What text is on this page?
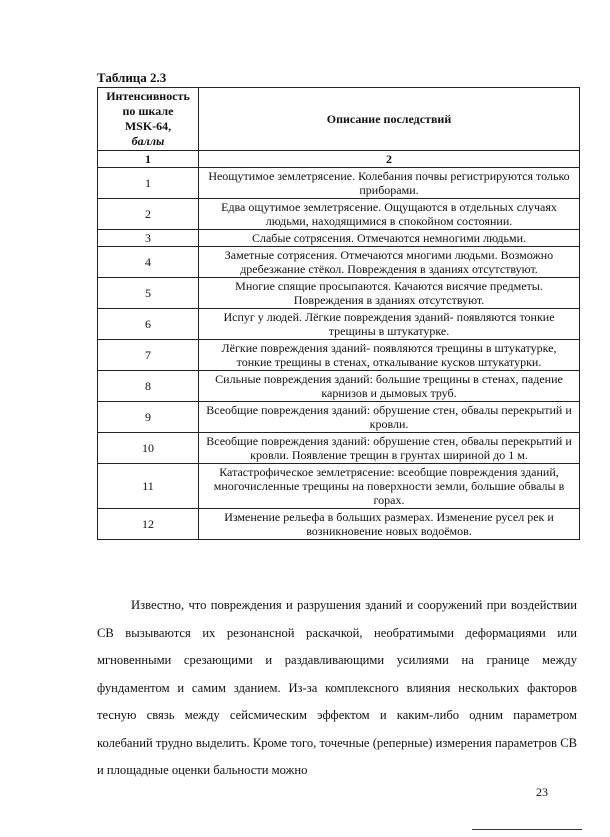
Таблица 2.3
Интенсивность
по шкале
MSK-64,
баллы	Описание последствий
1	2
1	Неощутимое землетрясение. Колебания почвы регистрируются только приборами.
2	Едва ощутимое землетрясение. Ощущаются в отдельных случаях людьми, находящимися в спокойном состоянии.
3	Слабые сотрясения. Отмечаются немногими людьми.
4	Заметные сотрясения. Отмечаются многими людьми. Возможно дребезжание стёкол. Повреждения в зданиях отсутствуют.
5	Многие спящие просыпаются. Качаются висячие предметы. Повреждения в зданиях отсутствуют.
6	Испуг у людей. Лёгкие повреждения зданий- появляются тонкие трещины в штукатурке.
7	Лёгкие повреждения зданий- появляются трещины в штукатурке, тонкие трещины в стенах, откалывание кусков штукатурки.
8	Сильные повреждения зданий: большие трещины в стенах, падение карнизов и дымовых труб.
9	Всеобщие повреждения зданий: обрушение стен, обвалы перекрытий и кровли.
10	Всеобщие повреждения зданий: обрушение стен, обвалы перекрытий и кровли. Появление трещин в грунтах шириной до 1 м.
11	Катастрофическое землетрясение: всеобщие повреждения зданий, многочисленные трещины на поверхности земли, большие обвалы в горах.
12	Изменение рельефа в больших размерах. Изменение русел рек и возникновение новых водоёмов.

Известно, что повреждения и разрушения зданий и сооружений при воздействии СВ вызываются их резонансной раскачкой, необратимыми деформациями или мгновенными срезающими и раздавливающими усилиями на границе между фундаментом и самим зданием. Из-за комплексного влияния нескольких факторов тесную связь между сейсмическим эффектом и каким-либо одним параметром колебаний трудно выделить. Кроме того, точечные (реперные) измерения параметров СВ и площадные оценки бальности можно

23
